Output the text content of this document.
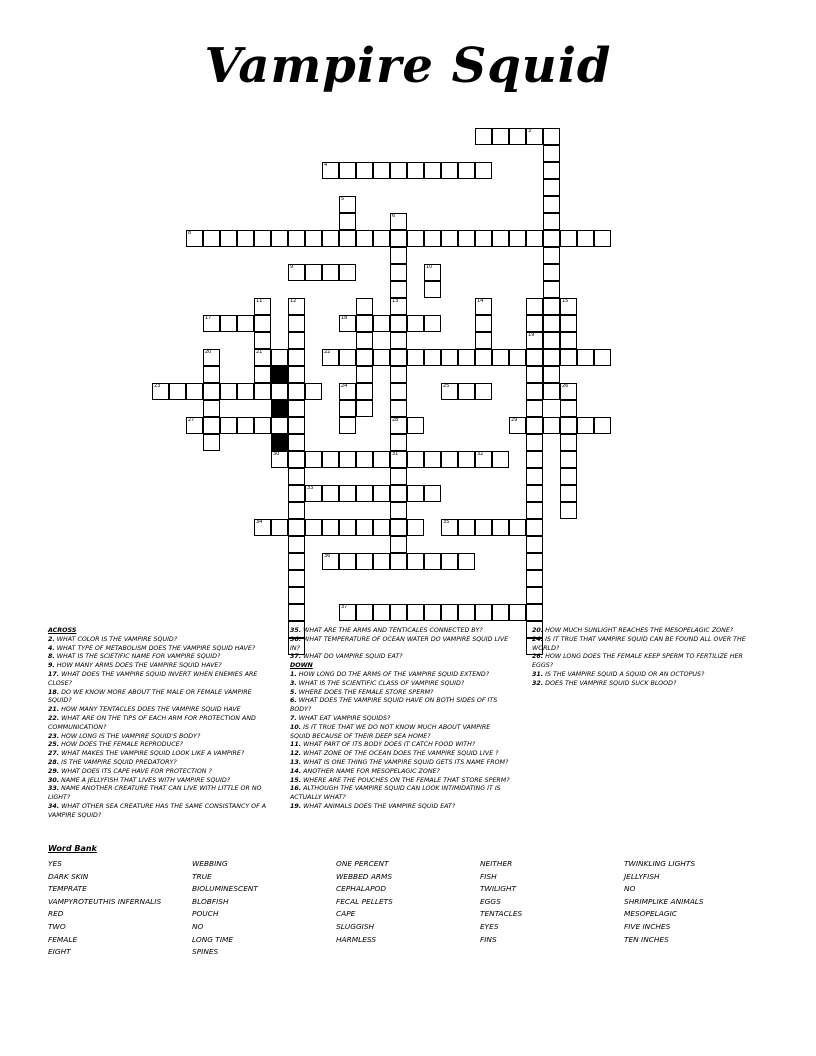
Vampire Squid
3
4
5
6
13
28
31
8
9	10
11
21
12	14
19
15
17	18
20	22
23	24	25	26
27	29
30	32
33
34	35
36
37
ACROSS
2. WHAT COLOR IS THE VAMPIRE SQUID?
4. WHAT TYPE OF METABOLISM DOES THE VAMPIRE SQUID HAVE?
8. WHAT IS THE SCIETIFIC NAME FOR VAMPIRE SQUID?
9. HOW MANY ARMS DOES THE VAMPIRE SQUID HAVE?
17. WHAT DOES THE VAMPIRE SQUID INVERT WHEN ENEMIES ARE CLOSE?
18. DO WE KNOW MORE ABOUT THE MALE OR FEMALE VAMPIRE SQUID?
21. HOW MANY TENTACLES DOES THE VAMPIRE SQUID HAVE
22. WHAT ARE ON THE TIPS OF EACH ARM FOR PROTECTION AND COMMUNICATION?
23. HOW LONG IS THE VAMPIRE SQUID'S BODY?
25. HOW DOES THE FEMALE REPRODUCE?
27. WHAT MAKES THE VAMPIRE SQUID LOOK LIKE A VAMPIRE?
28. IS THE VAMPIRE SQUID PREDATORY?
29. WHAT DOES ITS CAPE HAVE FOR PROTECTION ?
30. NAME A JELLYFISH THAT LIVES WITH VAMPIRE SQUID?
33. NAME ANOTHER CREATURE THAT CAN LIVE WITH LITTLE OR NO LIGHT?
34. WHAT OTHER SEA CREATURE HAS THE SAME CONSISTANCY OF A VAMPIRE SQUID?
35. WHAT ARE THE ARMS AND TENTICALES CONNECTED BY?
36. WHAT TEMPERATURE OF OCEAN WATER DO VAMPIRE SQUID LIVE IN?
37. WHAT DO VAMPIRE SQUID EAT?
DOWN
1. HOW LONG DO THE ARMS OF THE VAMPIRE SQUID EXTEND?
3. WHAT IS THE SCIENTIFIC CLASS OF VAMPIRE SQUID?
5. WHERE DOES THE FEMALE STORE SPERM?
6. WHAT DOES THE VAMPIRE SQUID HAVE ON BOTH SIDES OF ITS BODY?
7. WHAT EAT VAMPIRE SQUIDS?
10. IS IT TRUE THAT WE DO NOT KNOW MUCH ABOUT VAMPIRE SQUID BECAUSE OF THEIR DEEP SEA HOME?
11. WHAT PART OF ITS BODY DOES IT CATCH FOOD WITH?
12. WHAT ZONE OF THE OCEAN DOES THE VAMPIRE SQUID LIVE ?
13. WHAT IS ONE THING THE VAMPIRE SQUID GETS ITS NAME FROM?
14. ANOTHER NAME FOR MESOPELAGIC ZONE?
15. WHERE ARE THE POUCHES ON THE FEMALE THAT STORE SPERM?
16. ALTHOUGH THE VAMPIRE SQUID CAN LOOK INTIMIDATING IT IS ACTUALLY WHAT?
19. WHAT ANIMALS DOES THE VAMPIRE SQUID EAT?
20. HOW MUCH SUNLIGHT REACHES THE MESOPELAGIC ZONE?
24. IS IT TRUE THAT VAMPIRE SQUID CAN BE FOUND ALL OVER THE WORLD?
26. HOW LONG DOES THE FEMALE KEEP SPERM TO FERTILIZE HER EGGS?
31. IS THE VAMPIRE SQUID A SQUID OR AN OCTOPUS?
32. DOES THE VAMPIRE SQUID SUCK BLOOD?
Word Bank
YES
DARK SKIN
TEMPRATE
VAMPYROTEUTHIS INFERNALIS
RED
TWO
FEMALE
EIGHT
WEBBING
TRUE
BIOLUMINESCENT
BLOBFISH
POUCH
NO
LONG TIME
SPINES
ONE PERCENT
WEBBED ARMS
CEPHALAPOD
FECAL PELLETS
CAPE
SLUGGISH
HARMLESS
NEITHER
FISH
TWILIGHT
EGGS
TENTACLES
EYES
FINS
TWINKLING LIGHTS
JELLYFISH
NO
SHRIMPLIKE ANIMALS
MESOPELAGIC
FIVE INCHES
TEN INCHES
